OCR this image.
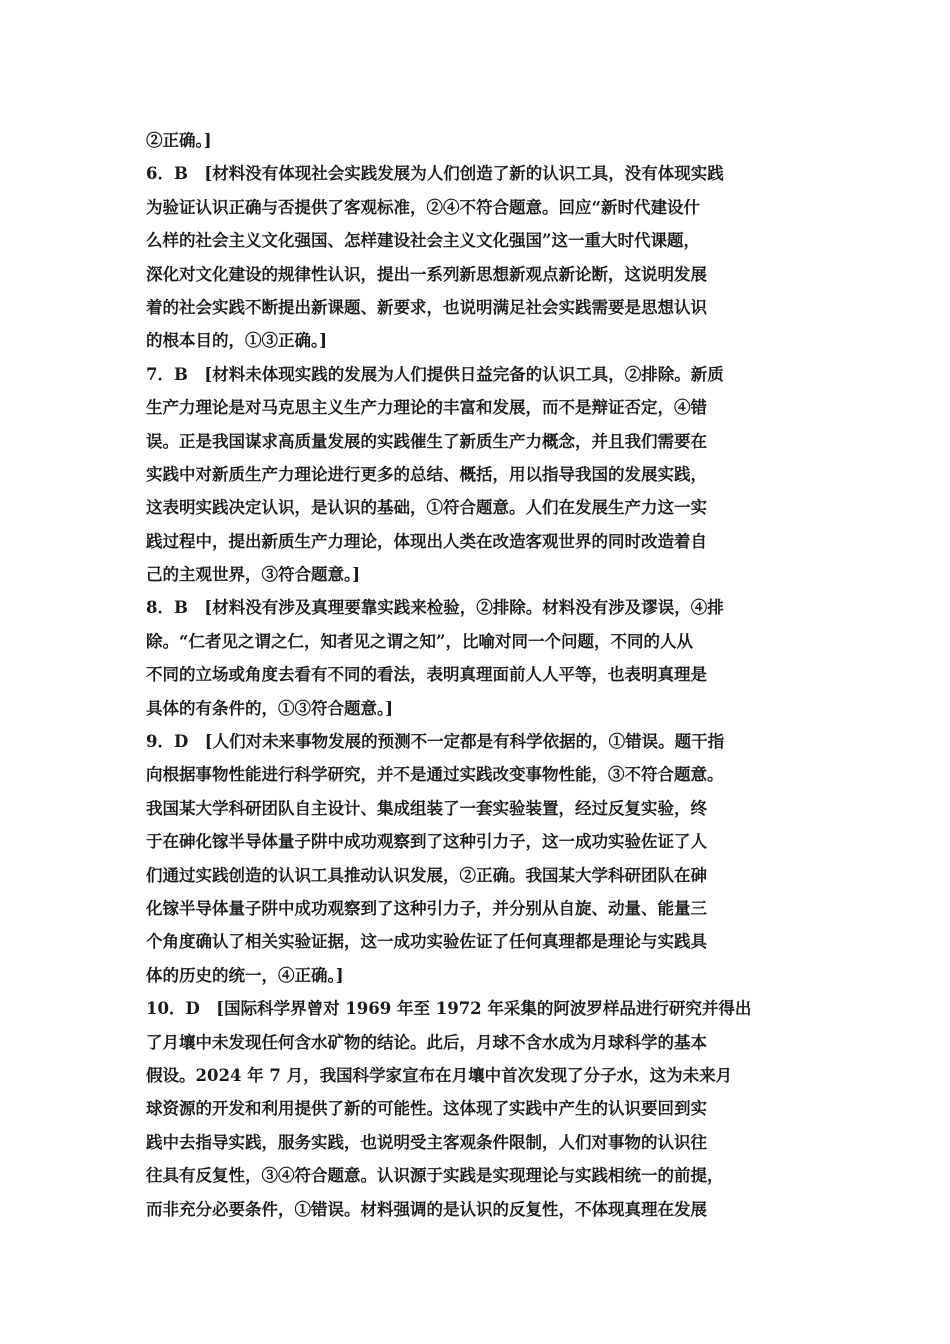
②正确。]
6．B　[材料没有体现社会实践发展为人们创造了新的认识工具，没有体现实践
为验证认识正确与否提供了客观标准，②④不符合题意。回应“新时代建设什
么样的社会主义文化强国、怎样建设社会主义文化强国”这一重大时代课题，
深化对文化建设的规律性认识，提出一系列新思想新观点新论断，这说明发展
着的社会实践不断提出新课题、新要求，也说明满足社会实践需要是思想认识
的根本目的，①③正确。]
7．B　[材料未体现实践的发展为人们提供日益完备的认识工具，②排除。新质
生产力理论是对马克思主义生产力理论的丰富和发展，而不是辩证否定，④错
误。正是我国谋求高质量发展的实践催生了新质生产力概念，并且我们需要在
实践中对新质生产力理论进行更多的总结、概括，用以指导我国的发展实践，
这表明实践决定认识，是认识的基础，①符合题意。人们在发展生产力这一实
践过程中，提出新质生产力理论，体现出人类在改造客观世界的同时改造着自
己的主观世界，③符合题意。]
8．B　[材料没有涉及真理要靠实践来检验，②排除。材料没有涉及谬误，④排
除。“仁者见之谓之仁，知者见之谓之知”，比喻对同一个问题，不同的人从
不同的立场或角度去看有不同的看法，表明真理面前人人平等，也表明真理是
具体的有条件的，①③符合题意。]
9．D　[人们对未来事物发展的预测不一定都是有科学依据的，①错误。题干指
向根据事物性能进行科学研究，并不是通过实践改变事物性能，③不符合题意。
我国某大学科研团队自主设计、集成组装了一套实验装置，经过反复实验，终
于在砷化镓半导体量子阱中成功观察到了这种引力子，这一成功实验佐证了人
们通过实践创造的认识工具推动认识发展，②正确。我国某大学科研团队在砷
化镓半导体量子阱中成功观察到了这种引力子，并分别从自旋、动量、能量三
个角度确认了相关实验证据，这一成功实验佐证了任何真理都是理论与实践具
体的历史的统一，④正确。]
10．D　[国际科学界曾对 1969 年至 1972 年采集的阿波罗样品进行研究并得出
了月壤中未发现任何含水矿物的结论。此后，月球不含水成为月球科学的基本
假设。2024 年 7 月，我国科学家宣布在月壤中首次发现了分子水，这为未来月
球资源的开发和利用提供了新的可能性。这体现了实践中产生的认识要回到实
践中去指导实践，服务实践，也说明受主客观条件限制，人们对事物的认识往
往具有反复性，③④符合题意。认识源于实践是实现理论与实践相统一的前提，
而非充分必要条件，①错误。材料强调的是认识的反复性，不体现真理在发展
